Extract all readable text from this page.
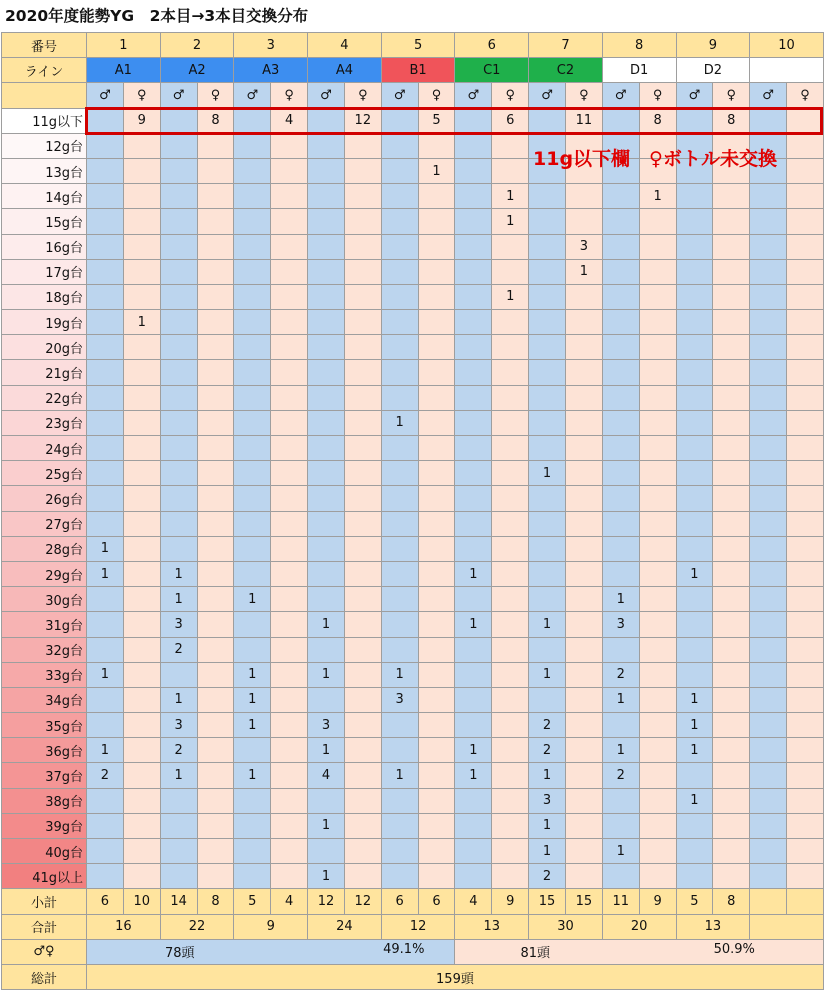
2020年度能勢YG　2本目→3本目交換分布
番号	1		2		3		4		5		6		7		8		9		10	
ライン	A1		A2		A3		A4		B1		C1		C2		D1		D2			
	♂	♀	♂	♀	♂	♀	♂	♀	♂	♀	♂	♀	♂	♀	♂	♀	♂	♀	♂	♀
11g以下		9		8		4		12		5		6		11		8		8		
12g台																				
13g台										1										
14g台												1				1				
15g台												1								
16g台														3						
17g台														1						
18g台												1								
19g台		1																		
20g台																				
21g台																				
22g台																				
23g台									1											
24g台																				
25g台													1							
26g台																				
27g台																				
28g台	1																			
29g台	1		1								1						1			
30g台			1		1										1					
31g台			3				1				1		1		3					
32g台			2																	
33g台	1				1		1		1				1		2					
34g台			1		1				3						1		1			
35g台			3		1		3						2				1			
36g台	1		2				1				1		2		1		1			
37g台	2		1		1		4		1		1		1		2					
38g台													3				1			
39g台							1						1							
40g台													1		1					
41g以上							1						2							
小計	6	10	14	8	5	4	12	12	6	6	4	9	15	15	11	9	5	8		
合計	16		22		9		24		12		13		30		20		13			
♂♀	78頭 49.1%										81頭 50.9%									

総計	159頭																			
11g以下欄　♀ボトル未交換
